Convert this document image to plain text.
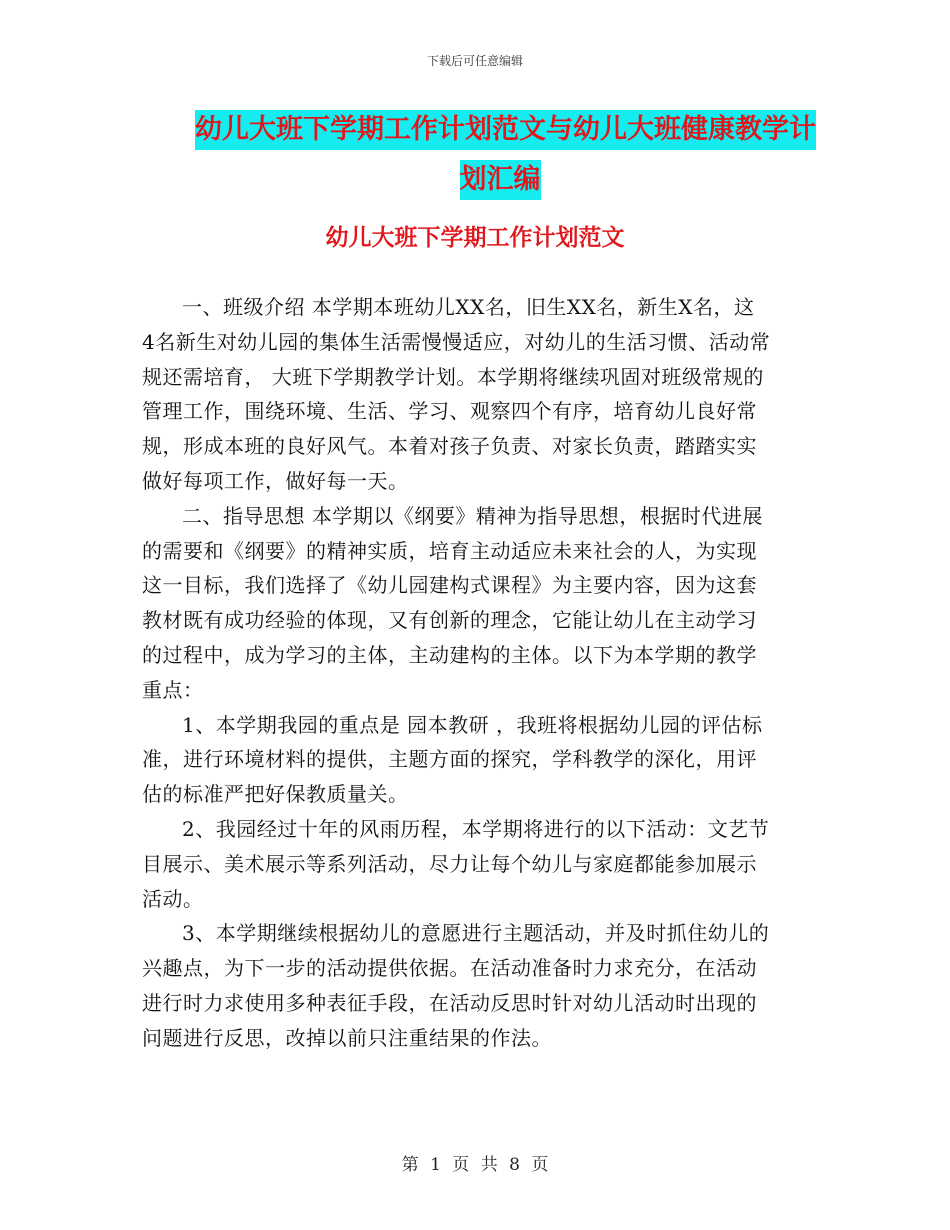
下载后可任意编辑
幼儿大班下学期工作计划范文与幼儿大班健康教学计
划汇编
幼儿大班下学期工作计划范文
一、班级介绍 本学期本班幼儿XX名，旧生XX名，新生X名，这
4名新生对幼儿园的集体生活需慢慢适应，对幼儿的生活习惯、活动常
规还需培育， 大班下学期教学计划。本学期将继续巩固对班级常规的
管理工作，围绕环境、生活、学习、观察四个有序，培育幼儿良好常
规，形成本班的良好风气。本着对孩子负责、对家长负责，踏踏实实
做好每项工作，做好每一天。
二、指导思想 本学期以《纲要》精神为指导思想，根据时代进展
的需要和《纲要》的精神实质，培育主动适应未来社会的人，为实现
这一目标，我们选择了《幼儿园建构式课程》为主要内容，因为这套
教材既有成功经验的体现，又有创新的理念，它能让幼儿在主动学习
的过程中，成为学习的主体，主动建构的主体。以下为本学期的教学
重点：
1、本学期我园的重点是 园本教研 ，我班将根据幼儿园的评估标
准，进行环境材料的提供，主题方面的探究，学科教学的深化，用评
估的标准严把好保教质量关。
2、我园经过十年的风雨历程，本学期将进行的以下活动：文艺节
目展示、美术展示等系列活动，尽力让每个幼儿与家庭都能参加展示
活动。
3、本学期继续根据幼儿的意愿进行主题活动，并及时抓住幼儿的
兴趣点，为下一步的活动提供依据。在活动准备时力求充分，在活动
进行时力求使用多种表征手段，在活动反思时针对幼儿活动时出现的
问题进行反思，改掉以前只注重结果的作法。
第 1 页 共 8 页
